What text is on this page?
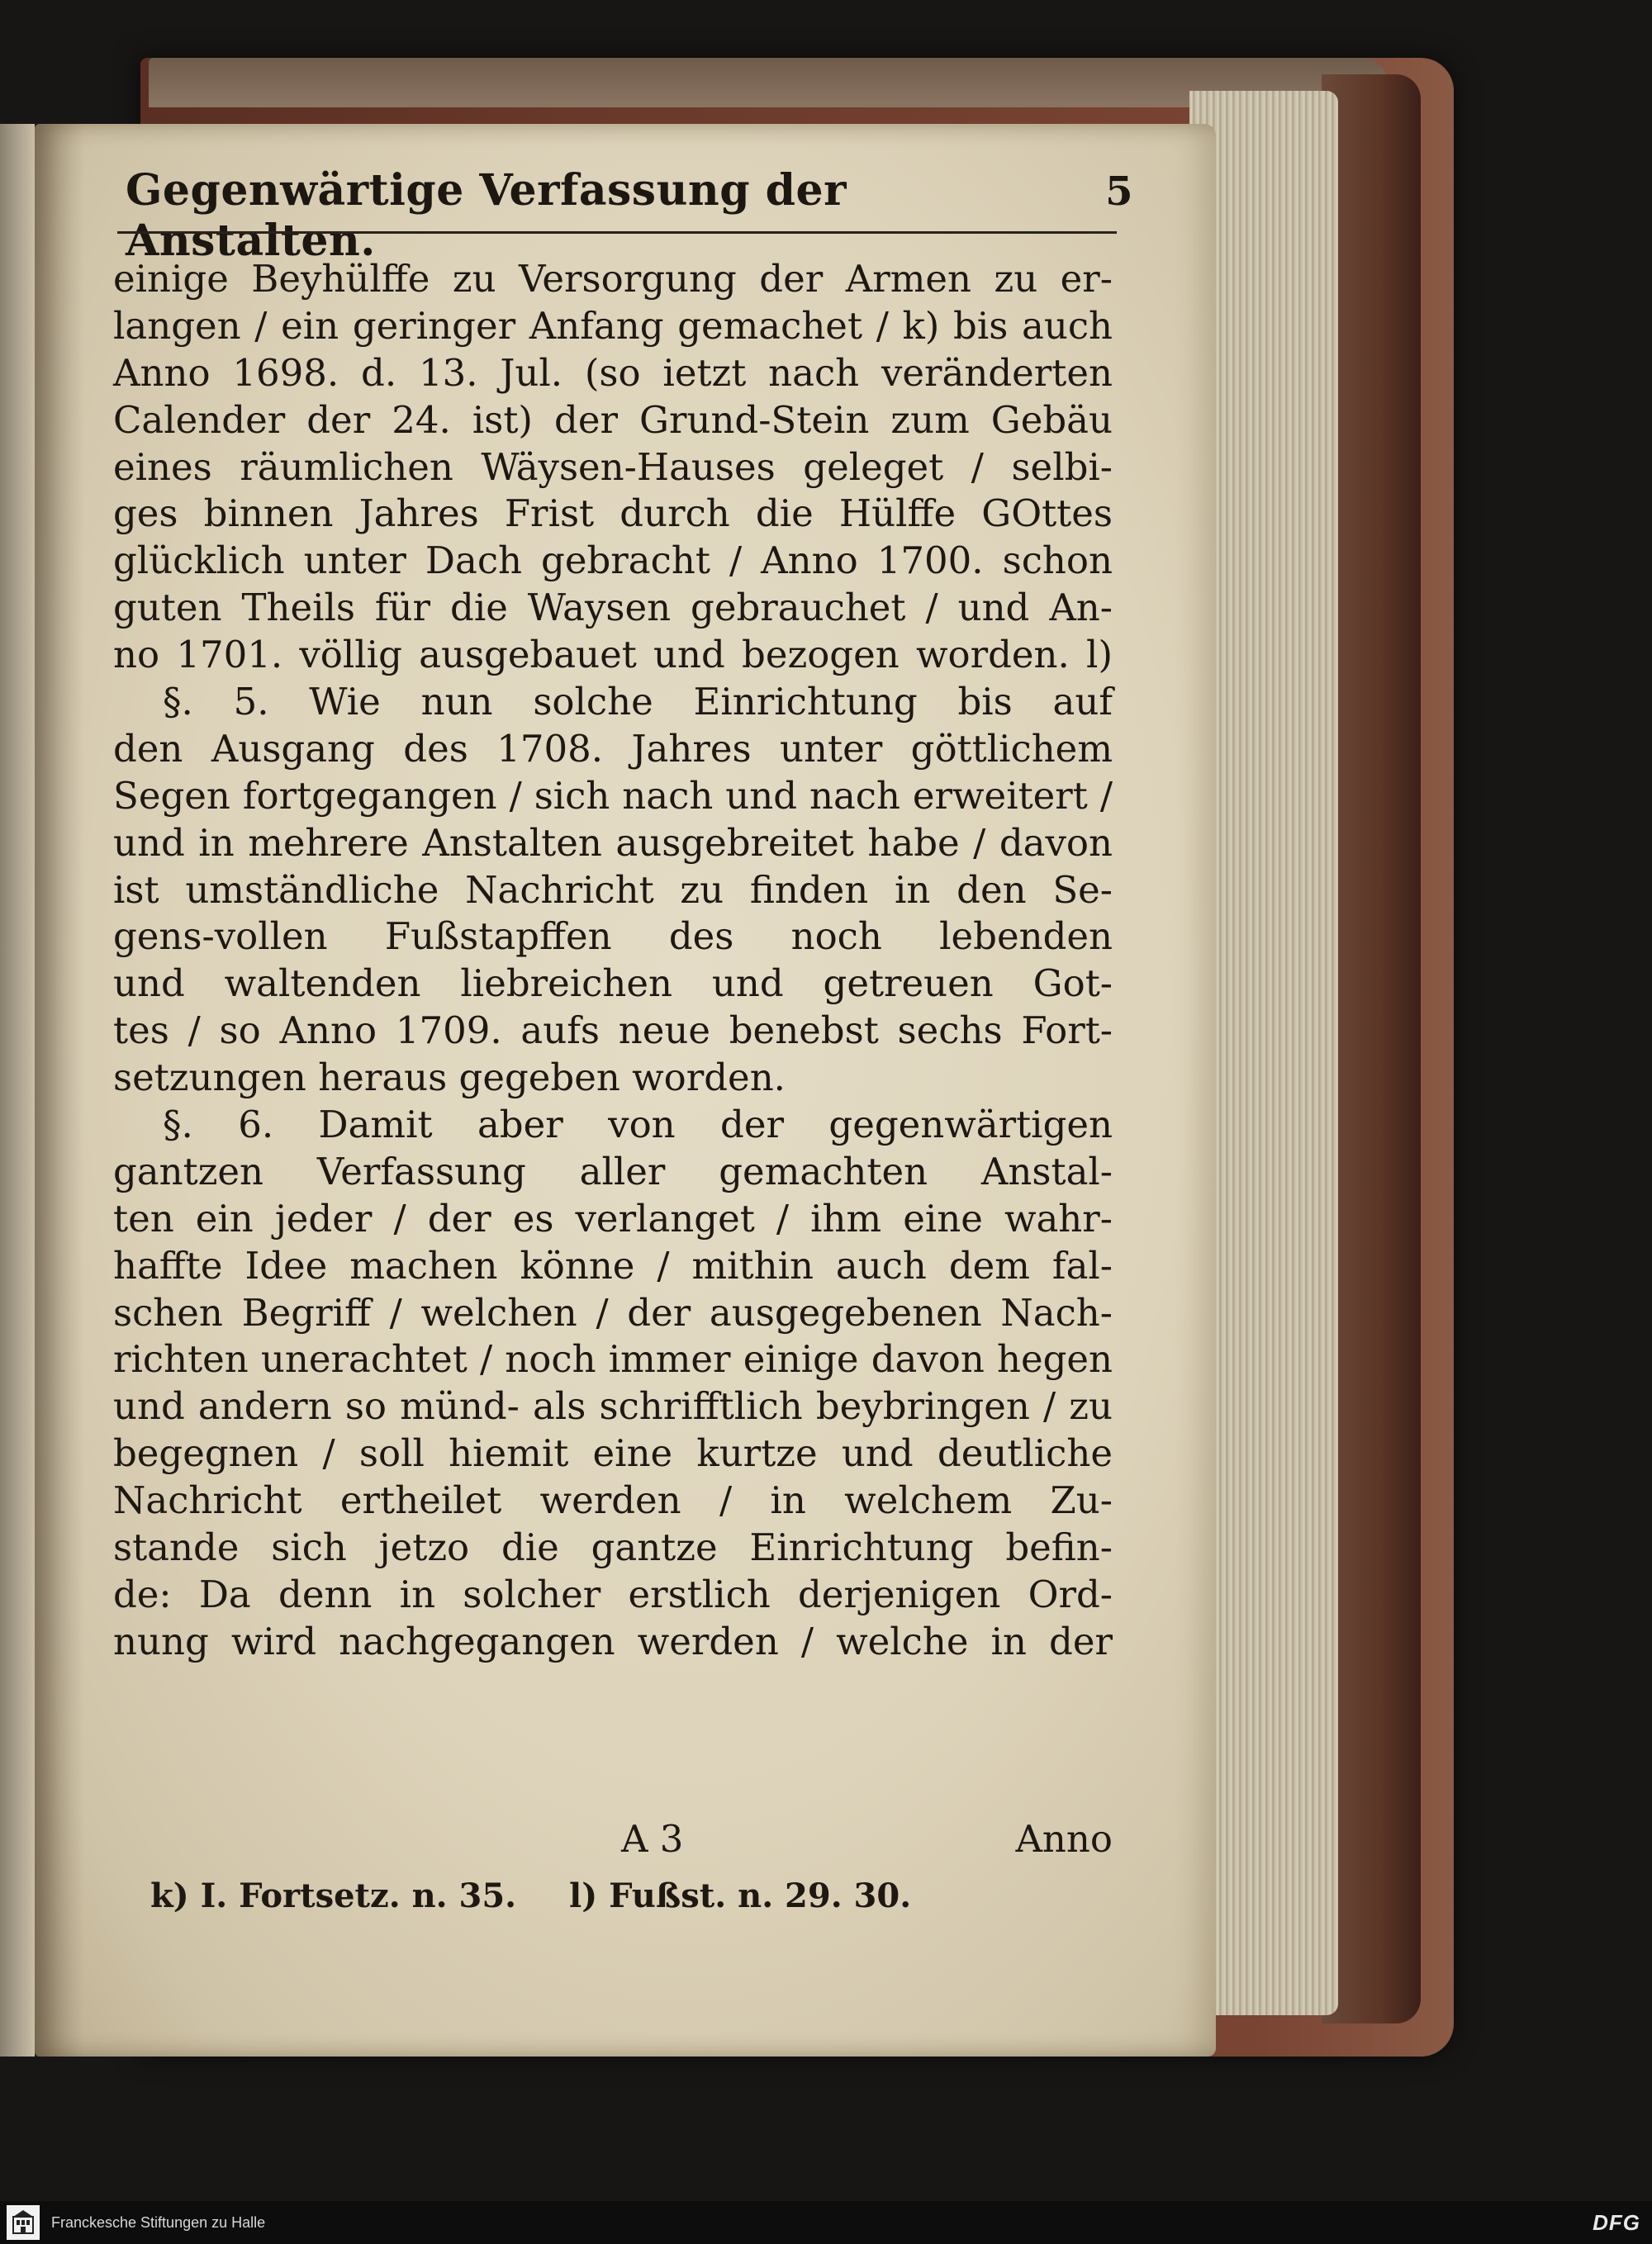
Gegenwärtige Verfassung der Anstalten.
5
einige Beyhülffe zu Versorgung der Armen zu er-
langen / ein geringer Anfang gemachet / k) bis auch
Anno 1698. d. 13. Jul. (so ietzt nach veränderten
Calender der 24. ist) der Grund-Stein zum Gebäu
eines räumlichen Wäysen-Hauses geleget / selbi-
ges binnen Jahres Frist durch die Hülffe GOttes
glücklich unter Dach gebracht / Anno 1700. schon
guten Theils für die Waysen gebrauchet / und An-
no 1701. völlig ausgebauet und bezogen worden. l)
§. 5. Wie nun solche Einrichtung bis auf
den Ausgang des 1708. Jahres unter göttlichem
Segen fortgegangen / sich nach und nach erweitert /
und in mehrere Anstalten ausgebreitet habe / davon
ist umständliche Nachricht zu finden in den Se-
gens-vollen Fußstapffen des noch lebenden
und waltenden liebreichen und getreuen Got-
tes / so Anno 1709. aufs neue benebst sechs Fort-
setzungen heraus gegeben worden.
§. 6. Damit aber von der gegenwärtigen
gantzen Verfassung aller gemachten Anstal-
ten ein jeder / der es verlanget / ihm eine wahr-
hafftе Idee machen könne / mithin auch dem fal-
schen Begriff / welchen / der ausgegebenen Nach-
richten unerachtet / noch immer einige davon hegen
und andern so münd- als schrifftlich beybringen / zu
begegnen / soll hiemit eine kurtze und deutliche
Nachricht ertheilet werden / in welchem Zu-
stande sich jetzo die gantze Einrichtung befin-
de: Da denn in solcher erstlich derjenigen Ord-
nung wird nachgegangen werden / welche in der
A 3	Anno
k) I. Fortsetz. n. 35. l) Fußst. n. 29. 30.
Franckesche Stiftungen zu Halle	DFG
